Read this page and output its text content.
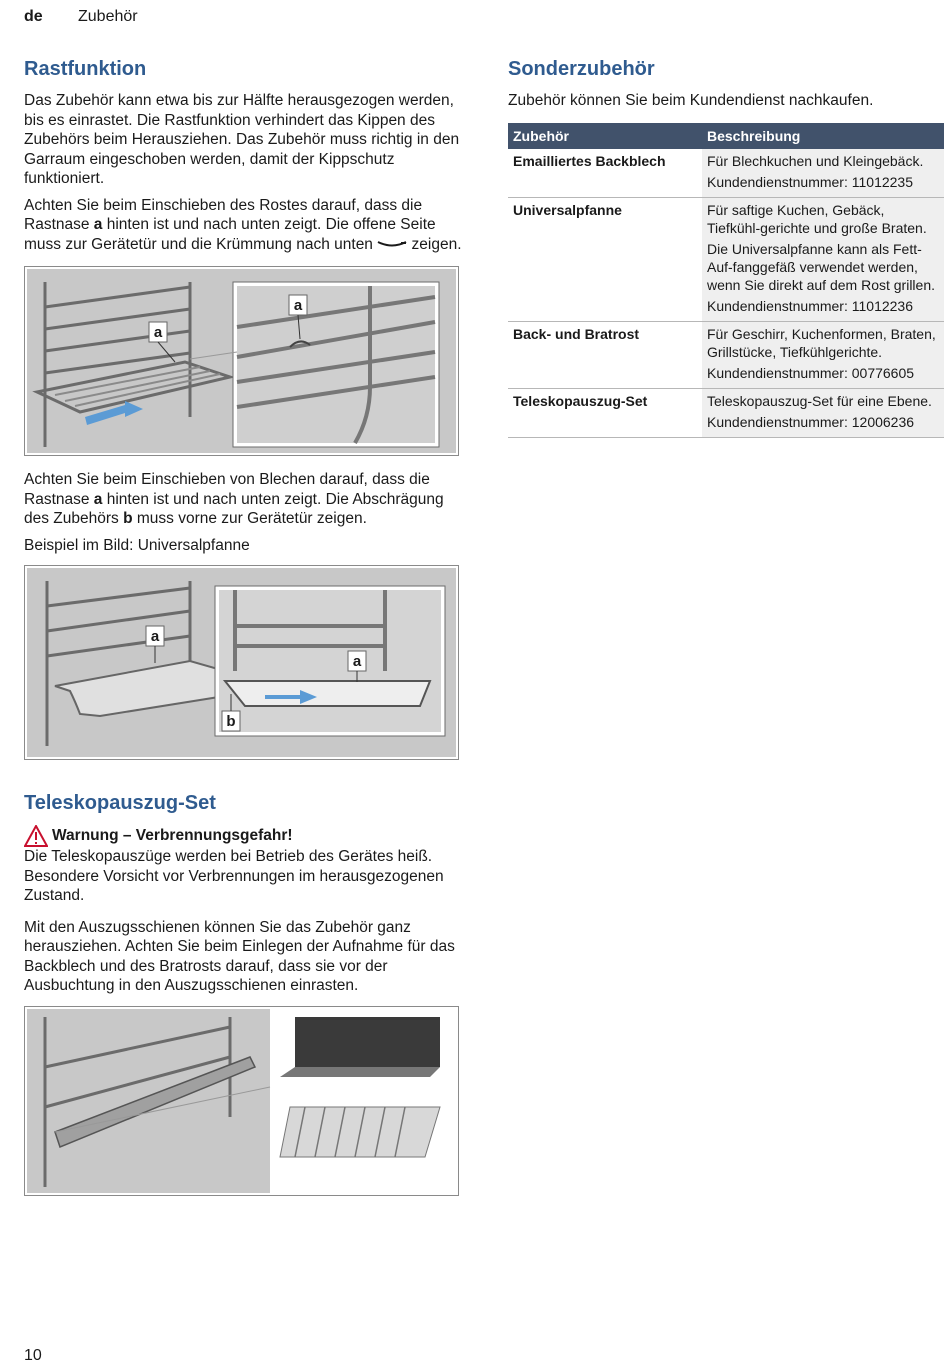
de Zubehör
Rastfunktion

Das Zubehör kann etwa bis zur Hälfte herausgezogen werden, bis es einrastet. Die Rastfunktion verhindert das Kippen des Zubehörs beim Herausziehen. Das Zubehör muss richtig in den Garraum eingeschoben werden, damit der Kippschutz funktioniert.

Achten Sie beim Einschieben des Rostes darauf, dass die Rastnase a hinten ist und nach unten zeigt. Die offene Seite muss zur Gerätetür und die Krümmung nach unten  zeigen.

a
a

Achten Sie beim Einschieben von Blechen darauf, dass die Rastnase a hinten ist und nach unten zeigt. Die Abschrägung des Zubehörs b muss vorne zur Gerätetür zeigen.

Beispiel im Bild: Universalpfanne

a
a
b
Teleskopauszug-Set
Warnung – Verbrennungsgefahr!

Die Teleskopauszüge werden bei Betrieb des Gerätes heiß. Besondere Vorsicht vor Verbrennungen im herausgezogenen Zustand.

Mit den Auszugsschienen können Sie das Zubehör ganz herausziehen. Achten Sie beim Einlegen der Aufnahme für das Backblech und des Bratrosts darauf, dass sie vor der Ausbuchtung in den Auszugsschienen einrasten.

Sonderzubehör

Zubehör können Sie beim Kundendienst nachkaufen.

Zubehör	Beschreibung
Emailliertes Backblech	Für Blechkuchen und Kleingebäck.
Kundendienstnummer: 11012235

Universalpfanne	Für saftige Kuchen, Gebäck, Tiefkühl-gerichte und große Braten.
Die Universalpfanne kann als Fett-Auf-fanggefäß verwendet werden, wenn Sie direkt auf dem Rost grillen.
Kundendienstnummer: 11012236

Back- und Bratrost	Für Geschirr, Kuchenformen, Braten, Grillstücke, Tiefkühlgerichte.
Kundendienstnummer: 00776605

Teleskopauszug-Set	Teleskopauszug-Set für eine Ebene.
Kundendienstnummer: 12006236
10
